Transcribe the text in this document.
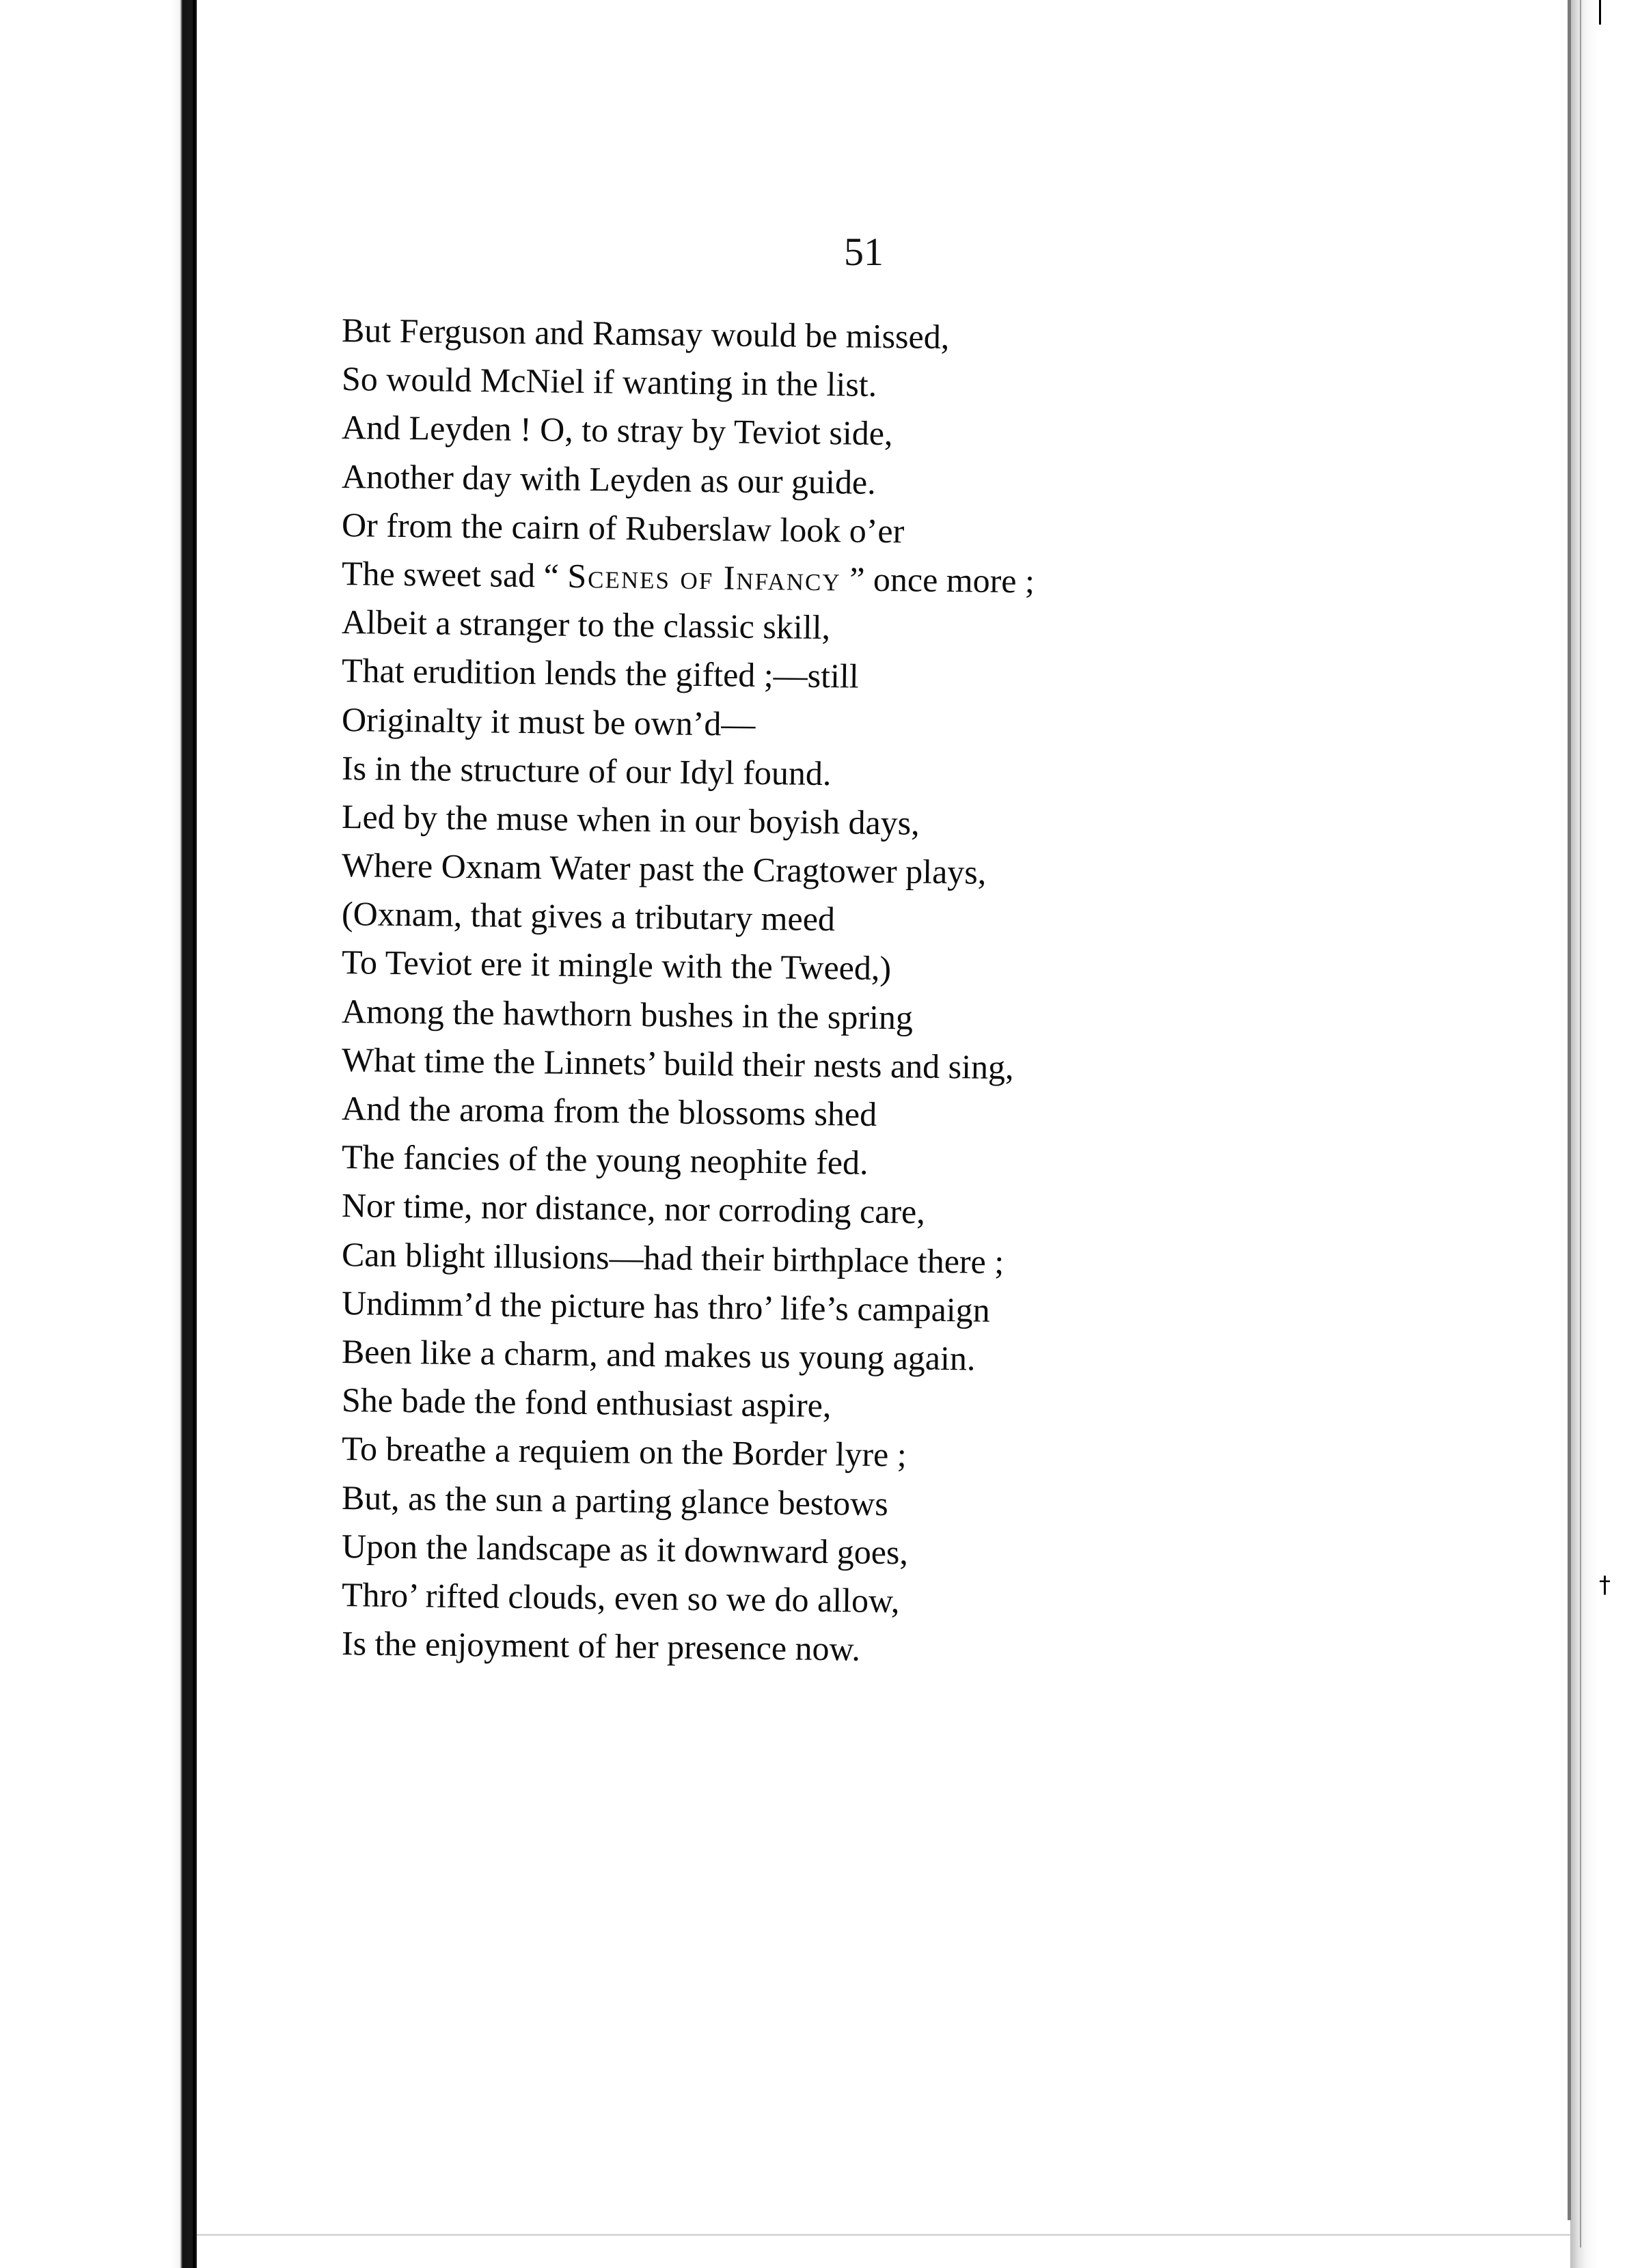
†
51
But Ferguson and Ramsay would be missed,
So would McNiel if wanting in the list.
And Leyden ! O, to stray by Teviot side,
Another day with Leyden as our guide.
Or from the cairn of Ruberslaw look o’er
The sweet sad “ Scenes of Infancy ” once more ;
Albeit a stranger to the classic skill,
That erudition lends the gifted ;—still
Originalty it must be own’d—
Is in the structure of our Idyl found.
Led by the muse when in our boyish days,
Where Oxnam Water past the Cragtower plays,
(Oxnam, that gives a tributary meed
To Teviot ere it mingle with the Tweed,)
Among the hawthorn bushes in the spring
What time the Linnets’ build their nests and sing,
And the aroma from the blossoms shed
The fancies of the young neophite fed.
Nor time, nor distance, nor corroding care,
Can blight illusions—had their birthplace there ;
Undimm’d the picture has thro’ life’s campaign
Been like a charm, and makes us young again.
She bade the fond enthusiast aspire,
To breathe a requiem on the Border lyre ;
But, as the sun a parting glance bestows
Upon the landscape as it downward goes,
Thro’ rifted clouds, even so we do allow,
Is the enjoyment of her presence now.
